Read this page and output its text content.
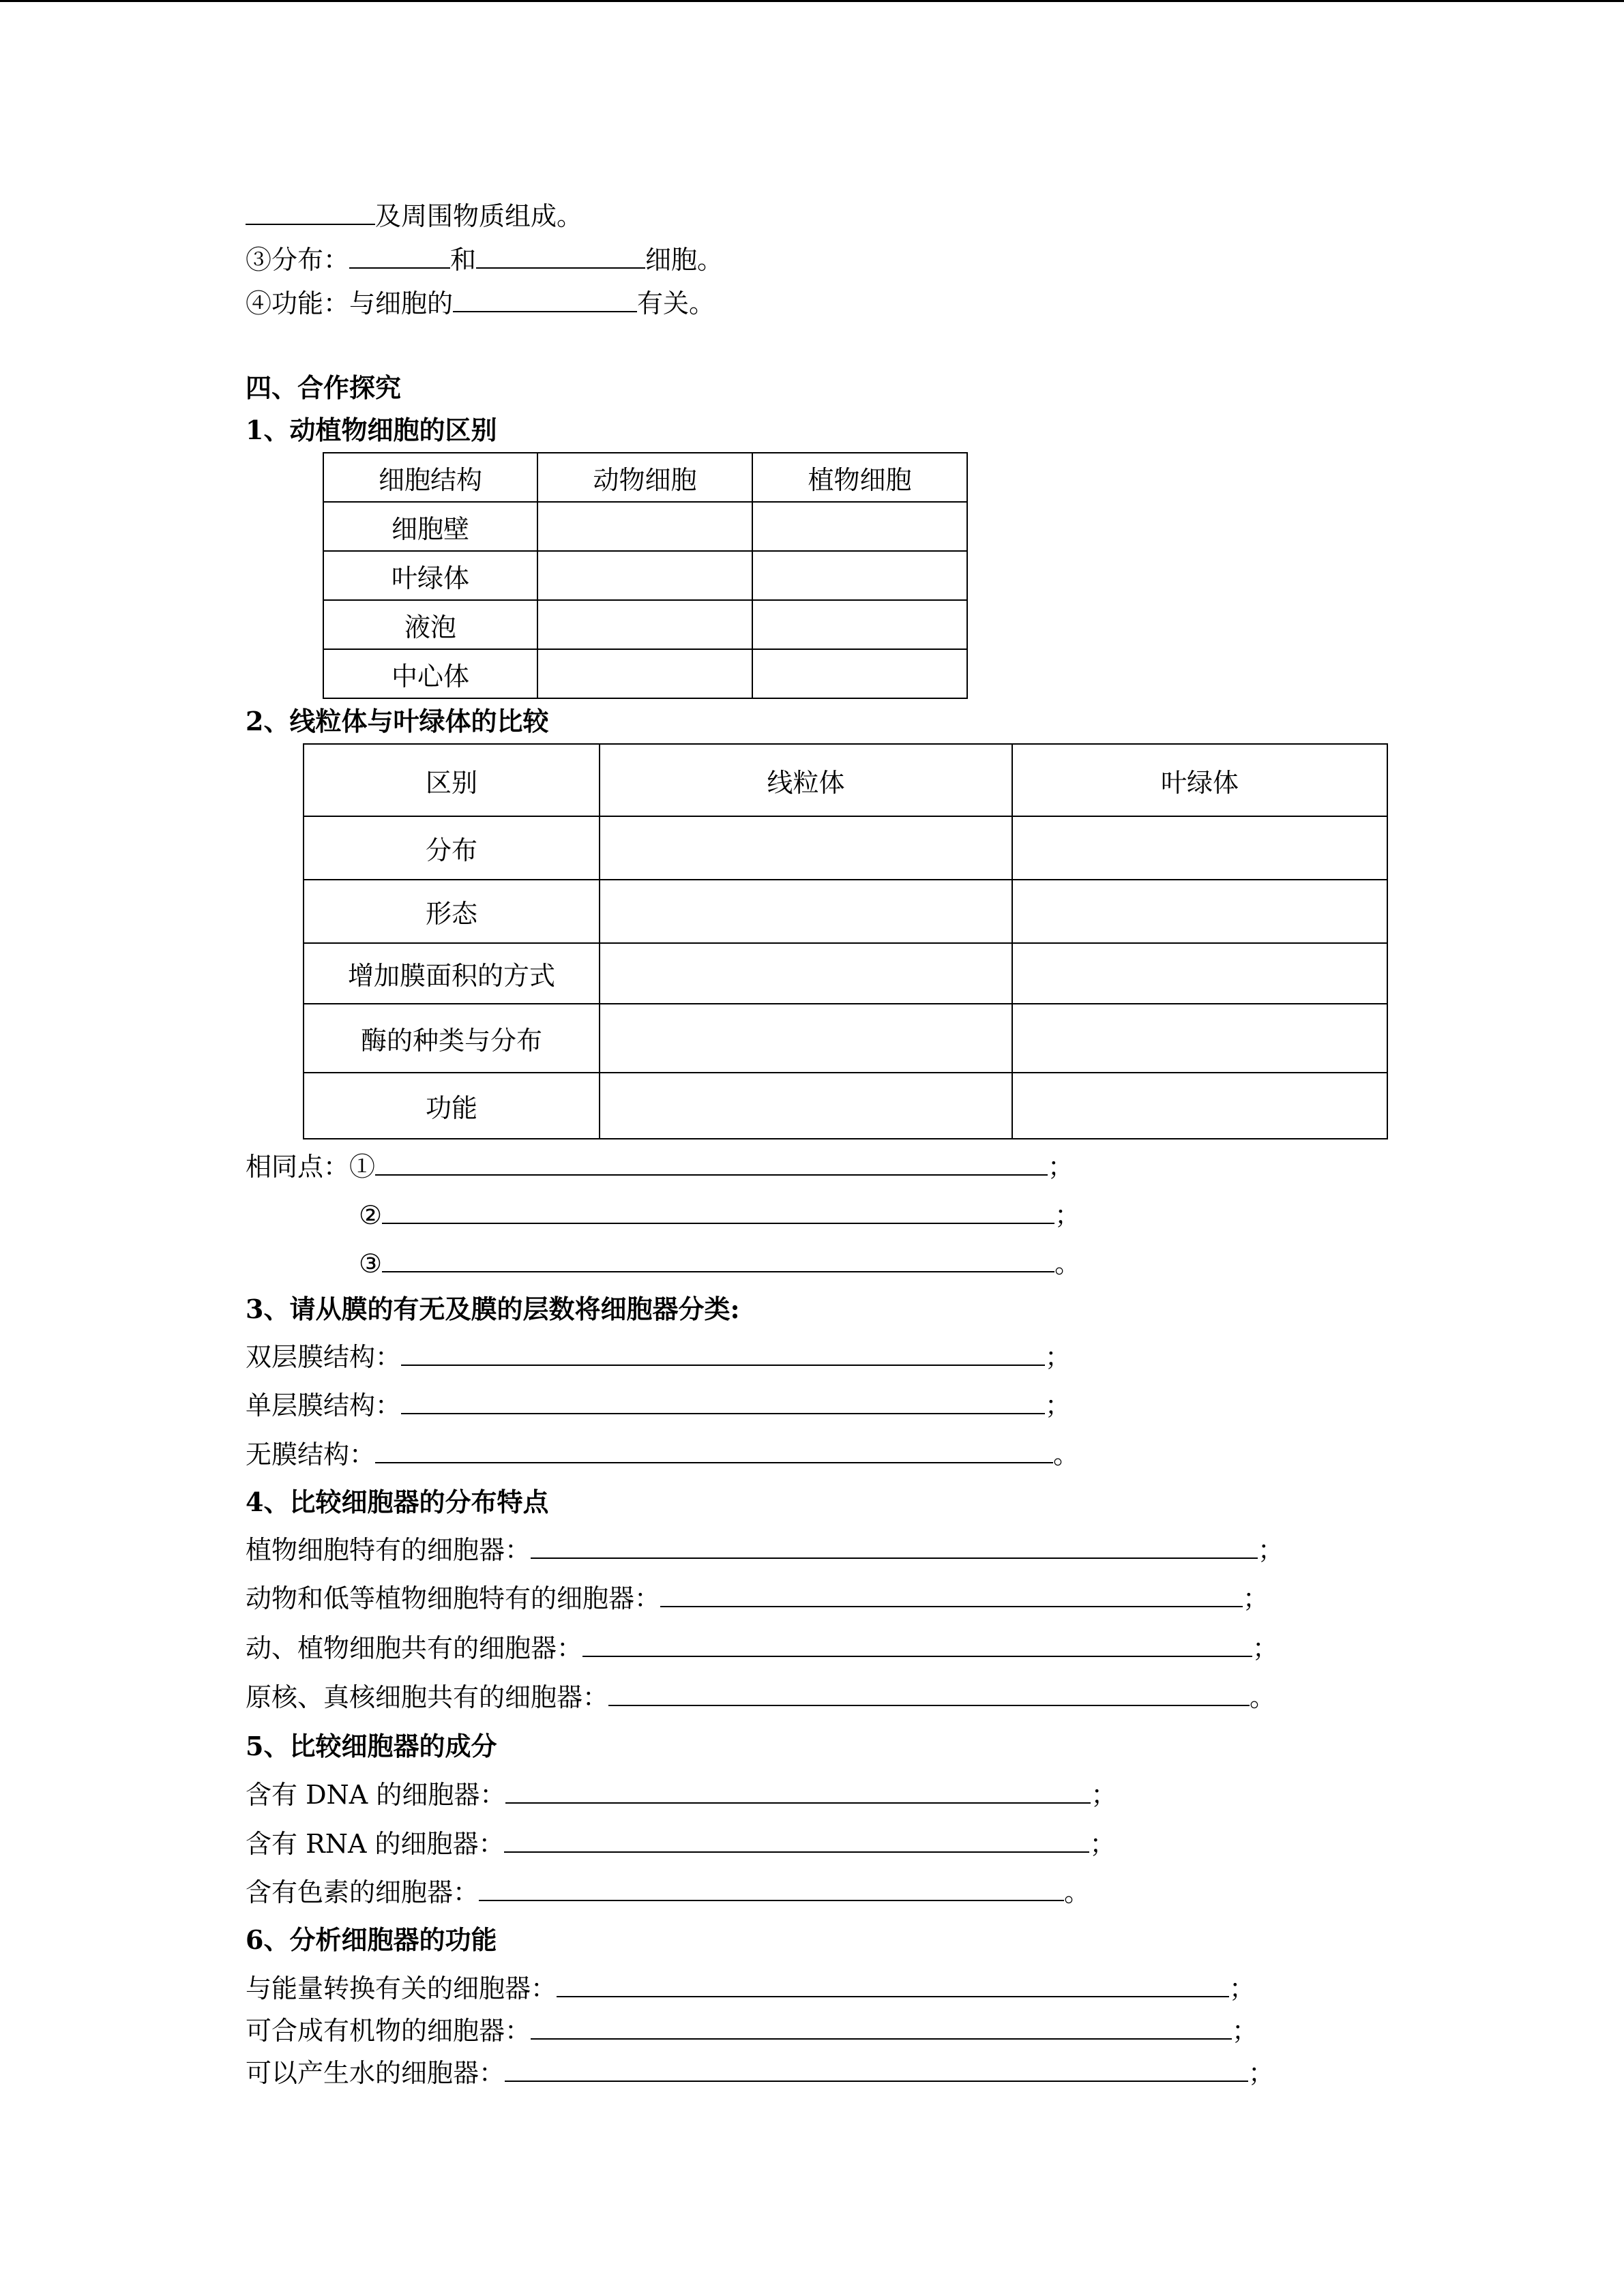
及周围物质组成。
③分布：	和	细胞。
④功能：与细胞的	有关。
四、合作探究
1、动植物细胞的区别
细胞结构	动物细胞	植物细胞
细胞壁		
叶绿体		
液泡		
中心体		
2、线粒体与叶绿体的比较
区别	线粒体	叶绿体
分布		
形态		
增加膜面积的方式		
酶的种类与分布		
功能		
相同点：①	；
②	；
③	。
3、请从膜的有无及膜的层数将细胞器分类:
双层膜结构：	；
单层膜结构：	；
无膜结构：	。
4、比较细胞器的分布特点
植物细胞特有的细胞器：	；
动物和低等植物细胞特有的细胞器：	；
动、植物细胞共有的细胞器：	；
原核、真核细胞共有的细胞器：	。
5、比较细胞器的成分
含有 DNA 的细胞器：	；
含有 RNA 的细胞器：	；
含有色素的细胞器：	。
6、分析细胞器的功能
与能量转换有关的细胞器：	；
可合成有机物的细胞器：	；
可以产生水的细胞器：	；
